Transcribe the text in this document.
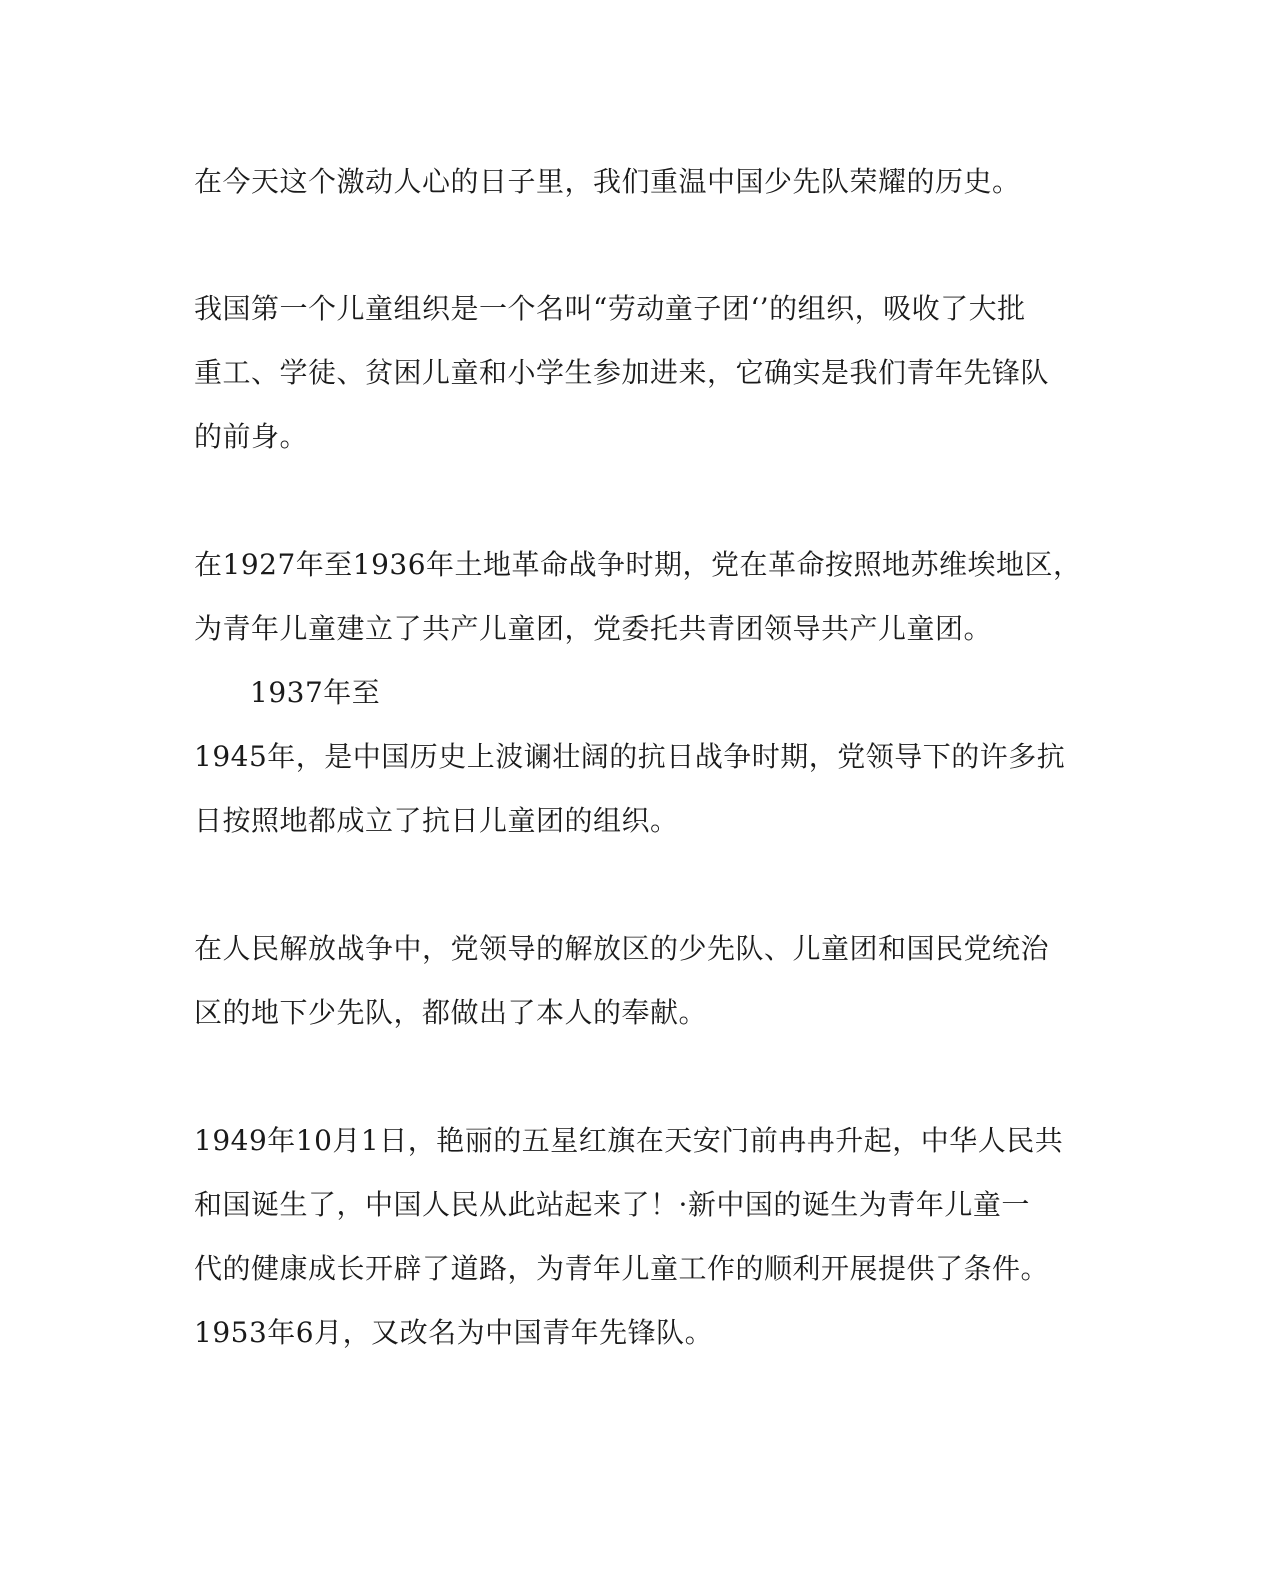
在今天这个激动人心的日子里，我们重温中国少先队荣耀的历史。
我国第一个儿童组织是一个名叫“劳动童子团‘’的组织，吸收了大批
重工、学徒、贫困儿童和小学生参加进来，它确实是我们青年先锋队
的前身。
在1927年至1936年土地革命战争时期，党在革命按照地苏维埃地区，
为青年儿童建立了共产儿童团，党委托共青团领导共产儿童团。
1937年至
1945年，是中国历史上波谰壮阔的抗日战争时期，党领导下的许多抗
日按照地都成立了抗日儿童团的组织。
在人民解放战争中，党领导的解放区的少先队、儿童团和国民党统治
区的地下少先队，都做出了本人的奉献。
1949年10月1日，艳丽的五星红旗在天安门前冉冉升起，中华人民共
和国诞生了，中国人民从此站起来了！·新中国的诞生为青年儿童一
代的健康成长开辟了道路，为青年儿童工作的顺利开展提供了条件。
1953年6月，又改名为中国青年先锋队。
